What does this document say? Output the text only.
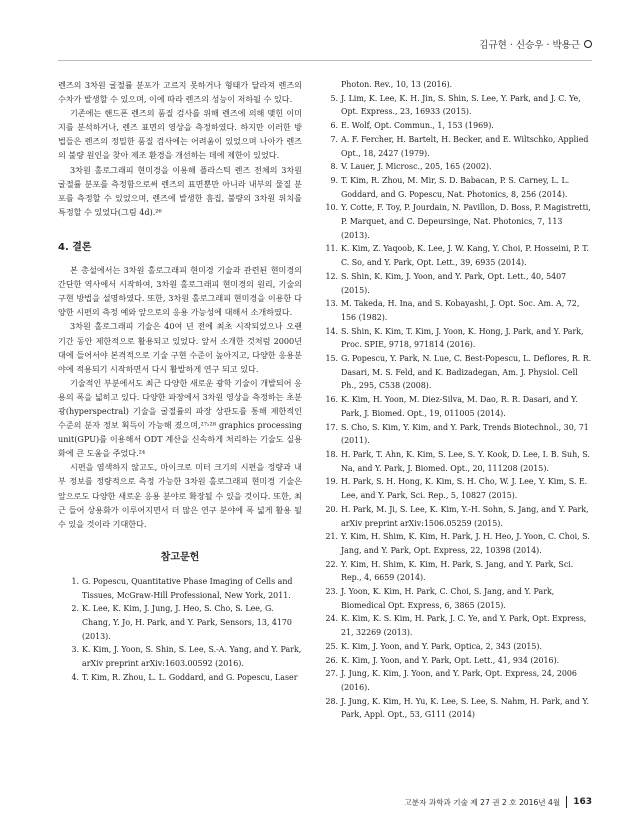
김규현 · 신승우 · 박용근

렌즈의 3차원 굴절률 분포가 고르지 못하거나 형태가 달라져 렌즈의 수차가 발생할 수 있으며, 이에 따라 렌즈의 성능이 저하될 수 있다.

기존에는 핸드폰 렌즈의 품질 검사를 위해 렌즈에 의해 맺힌 이미지를 분석하거나, 렌즈 표면의 영상을 측정하였다. 하지만 이러한 방법들은 렌즈의 정밀한 품질 검사에는 어려움이 있었으며 나아가 렌즈의 불량 원인을 찾아 제조 환경을 개선하는 데에 제한이 있었다.

3차원 홀로그래피 현미경을 이용해 플라스틱 렌즈 전체의 3차원 굴절률 분포를 측정함으로써 렌즈의 표면뿐만 아니라 내부의 물질 분포를 측정할 수 있었으며, 렌즈에 발생한 흠집, 불량의 3차원 위치를 특정할 수 있었다(그림 4d).²⁶

4. 결론

본 총설에서는 3차원 홀로그래피 현미경 기술과 관련된 현미경의 간단한 역사에서 시작하여, 3차원 홀로그래피 현미경의 원리, 기술의 구현 방법을 설명하였다. 또한, 3차원 홀로그래피 현미경을 이용한 다양한 시편의 측정 예와 앞으로의 응용 가능성에 대해서 소개하였다.

3차원 홀로그래피 기술은 40여 년 전에 최초 시작되었으나 오랜 기간 동안 제한적으로 활용되고 있었다. 앞서 소개한 것처럼 2000년대에 들어서야 본격적으로 기술 구현 수준이 높아지고, 다양한 응용분야에 적용되기 시작하면서 다시 활발하게 연구 되고 있다.

기술적인 부분에서도 최근 다양한 새로운 광학 기술이 개발되어 응용의 폭을 넓히고 있다. 다양한 파장에서 3차원 영상을 측정하는 초분광(hyperspectral) 기술을 굴절률의 파장 상관도를 통해 제한적인 수준의 분자 정보 획득이 가능해 졌으며,²⁷˒²⁸ graphics processing unit(GPU)를 이용해서 ODT 계산을 신속하게 처리하는 기술도 실용화에 큰 도움을 주었다.²⁴

시편을 염색하지 않고도, 마이크로 미터 크기의 시편을 정량과 내부 정보를 정량적으로 측정 가능한 3차원 홀로그래피 현미경 기술은 앞으로도 다양한 새로운 응용 분야로 확장될 수 있을 것이다. 또한, 최근 들어 상용화가 이루어지면서 더 많은 연구 분야에 폭 넓게 활용 될 수 있을 것이라 기대한다.

참고문헌
1. G. Popescu, Quantitative Phase Imaging of Cells and Tissues, McGraw-Hill Professional, New York, 2011.
2. K. Lee, K. Kim, J. Jung, J. Heo, S. Cho, S. Lee, G. Chang, Y. Jo, H. Park, and Y. Park, Sensors, 13, 4170 (2013).
3. K. Kim, J. Yoon, S. Shin, S. Lee, S.-A. Yang, and Y. Park, arXiv preprint arXiv:1603.00592 (2016).
4. T. Kim, R. Zhou, L. L. Goddard, and G. Popescu, Laser
Photon. Rev., 10, 13 (2016).
5. J. Lim, K. Lee, K. H. Jin, S. Shin, S. Lee, Y. Park, and J. C. Ye, Opt. Express., 23, 16933 (2015).
6. E. Wolf, Opt. Commun., 1, 153 (1969).
7. A. F. Fercher, H. Bartelt, H. Becker, and E. Wiltschko, Applied Opt., 18, 2427 (1979).
8. V. Lauer, J. Microsc., 205, 165 (2002).
9. T. Kim, R. Zhou, M. Mir, S. D. Babacan, P. S. Carney, L. L. Goddard, and G. Popescu, Nat. Photonics, 8, 256 (2014).
10. Y. Cotte, F. Toy, P. Jourdain, N. Pavillon, D. Boss, P. Magistretti, P. Marquet, and C. Depeursinge, Nat. Photonics, 7, 113 (2013).
11. K. Kim, Z. Yaqoob, K. Lee, J. W. Kang, Y. Choi, P. Hosseini, P. T. C. So, and Y. Park, Opt. Lett., 39, 6935 (2014).
12. S. Shin, K. Kim, J. Yoon, and Y. Park, Opt. Lett., 40, 5407 (2015).
13. M. Takeda, H. Ina, and S. Kobayashi, J. Opt. Soc. Am. A, 72, 156 (1982).
14. S. Shin, K. Kim, T. Kim, J. Yoon, K. Hong, J. Park, and Y. Park, Proc. SPIE, 9718, 971814 (2016).
15. G. Popescu, Y. Park, N. Lue, C. Best-Popescu, L. Deflores, R. R. Dasari, M. S. Feld, and K. Badizadegan, Am. J. Physiol. Cell Ph., 295, C538 (2008).
16. K. Kim, H. Yoon, M. Diez-Silva, M. Dao, R. R. Dasari, and Y. Park, J. Biomed. Opt., 19, 011005 (2014).
17. S. Cho, S. Kim, Y. Kim, and Y. Park, Trends Biotechnol., 30, 71 (2011).
18. H. Park, T. Ahn, K. Kim, S. Lee, S. Y. Kook, D. Lee, I. B. Suh, S. Na, and Y. Park, J. Biomed. Opt., 20, 111208 (2015).
19. H. Park, S. H. Hong, K. Kim, S. H. Cho, W. J. Lee, Y. Kim, S. E. Lee, and Y. Park, Sci. Rep., 5, 10827 (2015).
20. H. Park, M. Ji, S. Lee, K. Kim, Y.-H. Sohn, S. Jang, and Y. Park, arXiv preprint arXiv:1506.05259 (2015).
21. Y. Kim, H. Shim, K. Kim, H. Park, J. H. Heo, J. Yoon, C. Choi, S. Jang, and Y. Park, Opt. Express, 22, 10398 (2014).
22. Y. Kim, H. Shim, K. Kim, H. Park, S. Jang, and Y. Park, Sci. Rep., 4, 6659 (2014).
23. J. Yoon, K. Kim, H. Park, C. Choi, S. Jang, and Y. Park, Biomedical Opt. Express, 6, 3865 (2015).
24. K. Kim, K. S. Kim, H. Park, J. C. Ye, and Y. Park, Opt. Express, 21, 32269 (2013).
25. K. Kim, J. Yoon, and Y. Park, Optica, 2, 343 (2015).
26. K. Kim, J. Yoon, and Y. Park, Opt. Lett., 41, 934 (2016).
27. J. Jung, K. Kim, J. Yoon, and Y. Park, Opt. Express, 24, 2006 (2016).
28. J. Jung, K. Kim, H. Yu, K. Lee, S. Lee, S. Nahm, H. Park, and Y. Park, Appl. Opt., 53, G111 (2014)
고분자 과학과 기술 제 27 권 2 호 2016년 4월 163
